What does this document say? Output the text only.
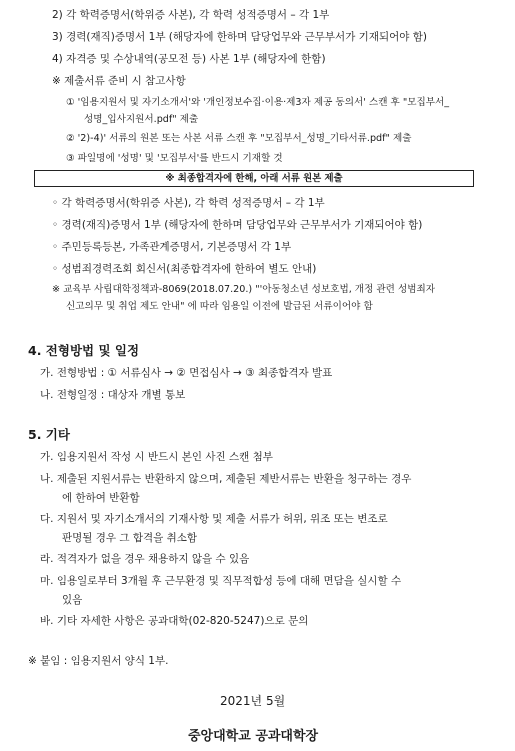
2) 각 학력증명서(학위증 사본), 각 학력 성적증명서 – 각 1부
3) 경력(재직)증명서 1부 (해당자에 한하며 담당업무와 근무부서가 기재되어야 함)
4) 자격증 및 수상내역(공모전 등) 사본 1부 (해당자에 한함)
※ 제출서류 준비 시 참고사항
① '임용지원서 및 자기소개서'와 '개인정보수집·이용·제3자 제공 동의서' 스캔 후 "모집부서_
성명_입사지원서.pdf" 제출
② '2)-4)' 서류의 원본 또는 사본 서류 스캔 후 "모집부서_성명_기타서류.pdf" 제출
③ 파일명에 '성명' 및 '모집부서'를 반드시 기재할 것
※ 최종합격자에 한해, 아래 서류 원본 제출
◦ 각 학력증명서(학위증 사본), 각 학력 성적증명서 – 각 1부
◦ 경력(재직)증명서 1부 (해당자에 한하며 담당업무와 근무부서가 기재되어야 함)
◦ 주민등록등본, 가족관계증명서, 기본증명서 각 1부
◦ 성범죄경력조회 회신서(최종합격자에 한하여 별도 안내)
※ 교육부 사립대학정책과-8069(2018.07.20.) "'아동청소년 성보호법, 개정 관련 성범죄자
신고의무 및 취업 제도 안내" 에 따라 임용일 이전에 발급된 서류이어야 함
4. 전형방법 및 일정
가. 전형방법 : ① 서류심사 → ② 면접심사 → ③ 최종합격자 발표
나. 전형일정 : 대상자 개별 통보
5. 기타
가. 임용지원서 작성 시 반드시 본인 사진 스캔 첨부
나. 제출된 지원서류는 반환하지 않으며, 제출된 제반서류는 반환을 청구하는 경우
에 한하여 반환함
다. 지원서 및 자기소개서의 기재사항 및 제출 서류가 허위, 위조 또는 변조로
판명될 경우 그 합격을 취소함
라. 적격자가 없을 경우 채용하지 않을 수 있음
마. 임용일로부터 3개월 후 근무환경 및 직무적합성 등에 대해 면담을 실시할 수
있음
바. 기타 자세한 사항은 공과대학(02-820-5247)으로 문의
※ 붙임 : 임용지원서 양식 1부.
2021년 5월
중앙대학교 공과대학장
